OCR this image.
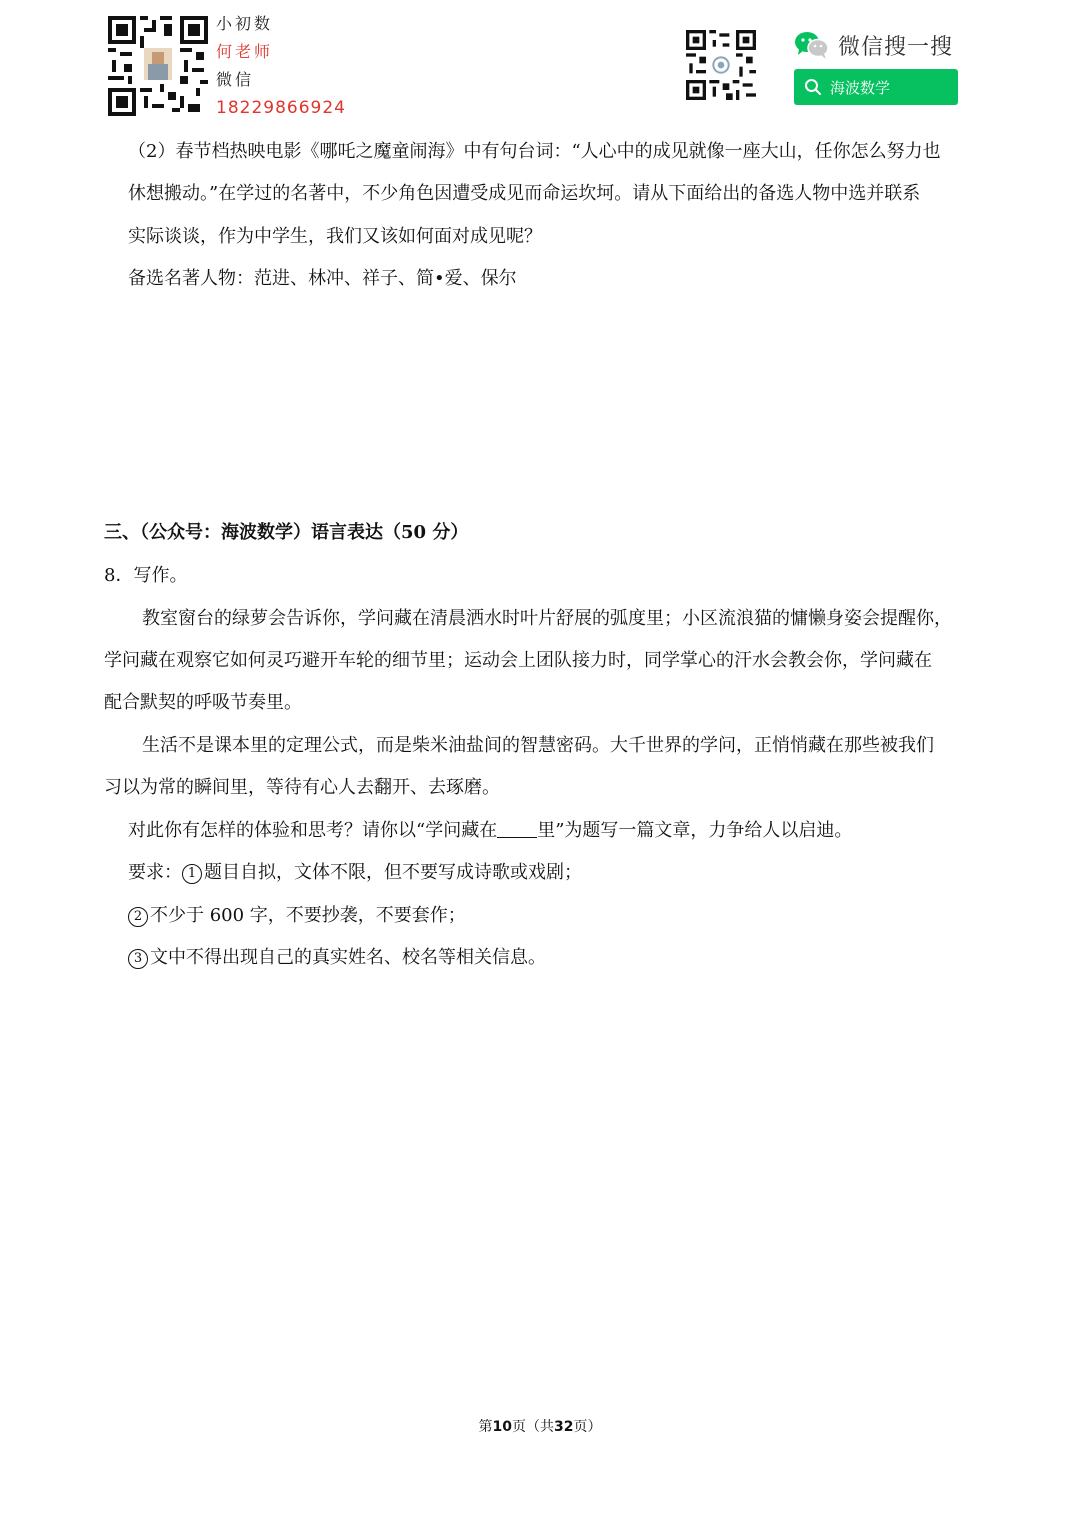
小初数
何老师
微信
18229866924
微信搜一搜
海波数学
（2）春节档热映电影《哪吒之魔童闹海》中有句台词：“人心中的成见就像一座大山，任你怎么努力也
休想搬动。”在学过的名著中，不少角色因遭受成见而命运坎坷。请从下面给出的备选人物中选并联系
实际谈谈，作为中学生，我们又该如何面对成见呢？
备选名著人物：范进、林冲、祥子、简•爱、保尔
三、（公众号：海波数学）语言表达（50 分）
8．写作。
教室窗台的绿萝会告诉你，学问藏在清晨洒水时叶片舒展的弧度里；小区流浪猫的慵懒身姿会提醒你，
学问藏在观察它如何灵巧避开车轮的细节里；运动会上团队接力时，同学掌心的汗水会教会你，学问藏在
配合默契的呼吸节奏里。
生活不是课本里的定理公式，而是柴米油盐间的智慧密码。大千世界的学问，正悄悄藏在那些被我们
习以为常的瞬间里，等待有心人去翻开、去琢磨。
对此你有怎样的体验和思考？请你以“学问藏在 里”为题写一篇文章，力争给人以启迪。
要求： 1 题目自拟，文体不限，但不要写成诗歌或戏剧；
2 不少于 600 字，不要抄袭，不要套作；
3 文中不得出现自己的真实姓名、校名等相关信息。
第10页（共32页）
